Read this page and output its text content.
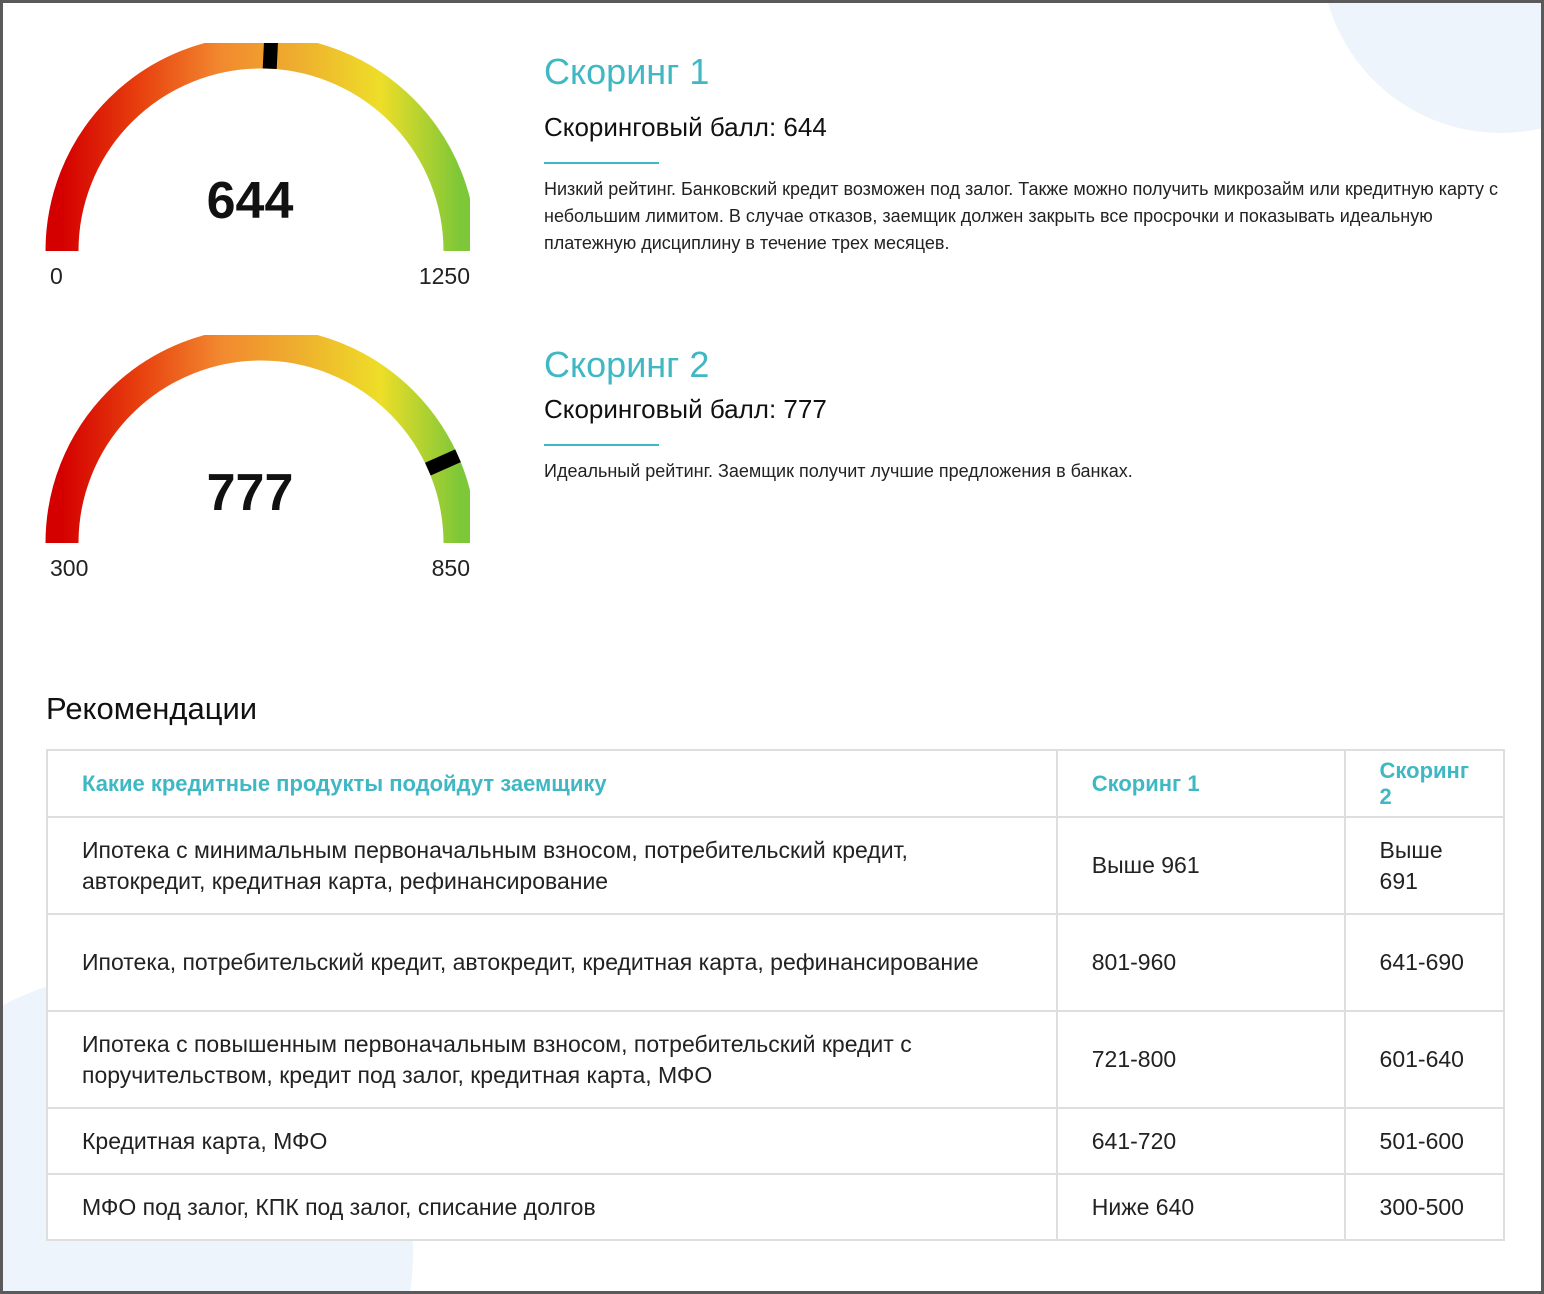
644
0	1250
Скоринг 1
Скоринговый балл: 644
Низкий рейтинг. Банковский кредит возможен под залог. Также можно получить микрозайм или кредитную карту с небольшим лимитом. В случае отказов, заемщик должен закрыть все просрочки и показывать идеальную платежную дисциплину в течение трех месяцев.
777
300	850
Скоринг 2
Скоринговый балл: 777
Идеальный рейтинг. Заемщик получит лучшие предложения в банках.
Рекомендации
Какие кредитные продукты подойдут заемщику	Скоринг 1	Скоринг 2
Ипотека с минимальным первоначальным взносом, потребительский кредит, автокредит, кредитная карта, рефинансирование	Выше 961	Выше 691
Ипотека, потребительский кредит, автокредит, кредитная карта, рефинансирование	801-960	641-690
Ипотека с повышенным первоначальным взносом, потребительский кредит с поручительством, кредит под залог, кредитная карта, МФО	721-800	601-640
Кредитная карта, МФО	641-720	501-600
МФО под залог, КПК под залог, списание долгов	Ниже 640	300-500
